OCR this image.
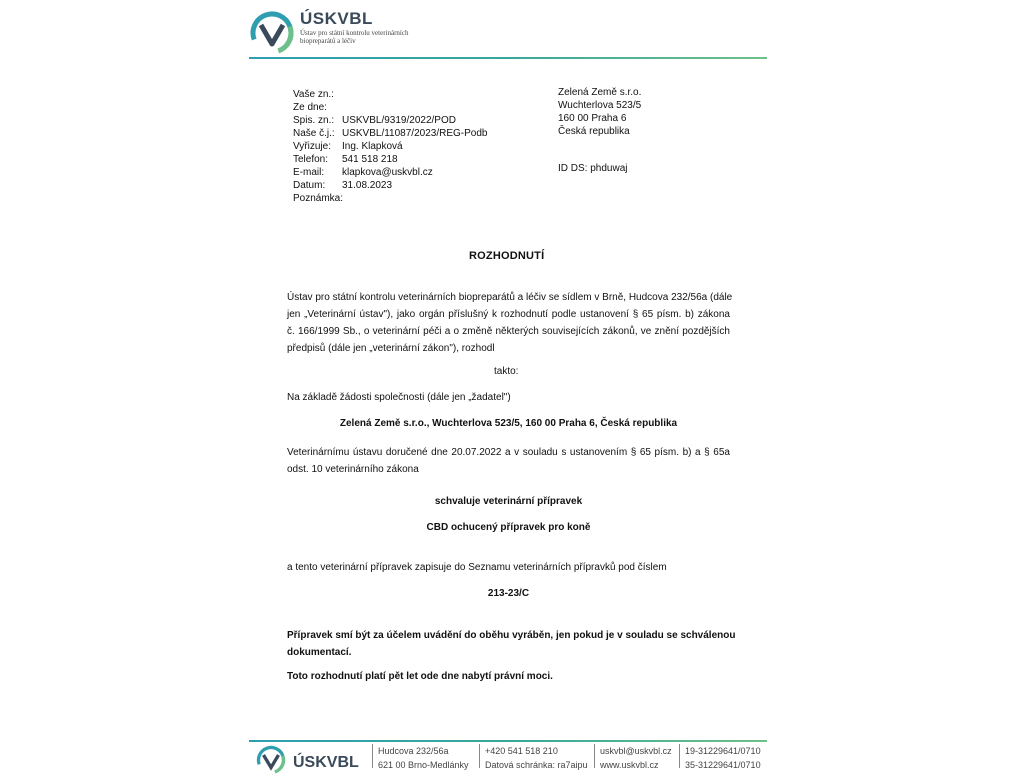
ÚSKVBL
Ústav pro státní kontrolu veterinárních biopreparátů a léčiv
Vaše zn.:
Ze dne:
Spis. zn.: USKVBL/9319/2022/POD
Naše č.j.: USKVBL/11087/2023/REG-Podb
Vyřizuje:	Ing. Klapková
Telefon:	541 518 218
E-mail:	klapkova@uskvbl.cz
Datum:	31.08.2023
Poznámka:
Zelená Země s.r.o.
Wuchterlova 523/5
160 00 Praha 6
Česká republika
ID DS: phduwaj
ROZHODNUTÍ
Ústav pro státní kontrolu veterinárních biopreparátů a léčiv se sídlem v Brně, Hudcova 232/56a (dále
jen „Veterinární ústav"), jako orgán příslušný k rozhodnutí podle ustanovení § 65 písm. b) zákona
č. 166/1999 Sb., o veterinární péči a o změně některých souvisejících zákonů, ve znění pozdějších
předpisů (dále jen „veterinární zákon"), rozhodl
takto:
Na základě žádosti společnosti (dále jen „žadatel")
Zelená Země s.r.o., Wuchterlova 523/5, 160 00 Praha 6, Česká republika
Veterinárnímu ústavu doručené dne 20.07.2022 a v souladu s ustanovením § 65 písm. b) a § 65a
odst. 10 veterinárního zákona
schvaluje veterinární přípravek
CBD ochucený přípravek pro koně
a tento veterinární přípravek zapisuje do Seznamu veterinárních přípravků pod číslem
213-23/C
Přípravek smí být za účelem uvádění do oběhu vyráběn, jen pokud je v souladu se schválenou
dokumentací.
Toto rozhodnutí platí pět let ode dne nabytí právní moci.
ÚSKVBL
Hudcova 232/56a
621 00 Brno-Medlánky
+420 541 518 210
Datová schránka: ra7aipu
uskvbl@uskvbl.cz
www.uskvbl.cz
19-31229641/0710
35-31229641/0710
